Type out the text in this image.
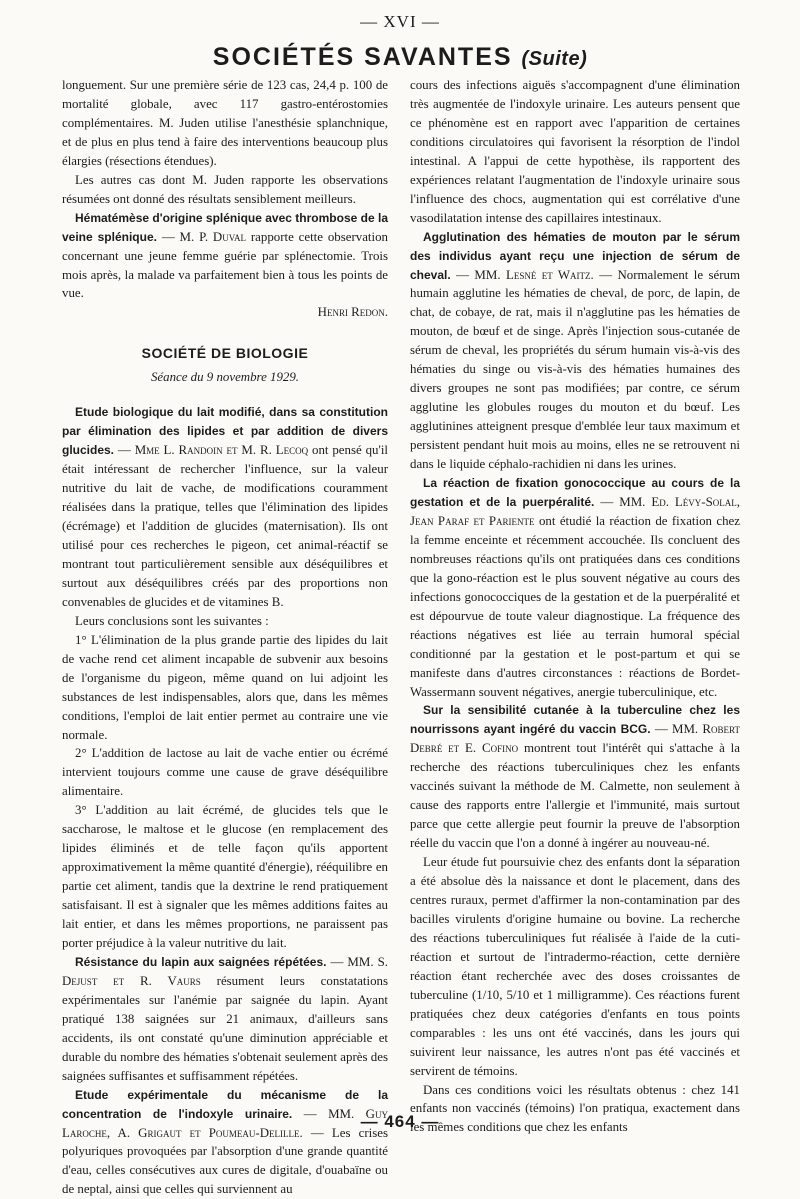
— XVI —
SOCIÉTÉS SAVANTES (Suite)

longuement. Sur une première série de 123 cas, 24,4 p. 100 de mortalité globale, avec 117 gastro-entérostomies complémentaires. M. Juden utilise l'anesthésie splanchnique, et de plus en plus tend à faire des interventions beaucoup plus élargies (résections étendues).

Les autres cas dont M. Juden rapporte les observations résumées ont donné des résultats sensiblement meilleurs.

Hématémèse d'origine splénique avec thrombose de la veine splénique. — M. P. Duval rapporte cette observation concernant une jeune femme guérie par splénectomie. Trois mois après, la malade va parfaitement bien à tous les points de vue.

Henri Redon.

SOCIÉTÉ DE BIOLOGIE
Séance du 9 novembre 1929.

Etude biologique du lait modifié, dans sa constitution par élimination des lipides et par addition de divers glucides. — Mme L. Randoin et M. R. Lecoq ont pensé qu'il était intéressant de rechercher l'influence, sur la valeur nutritive du lait de vache, de modifications couramment réalisées dans la pratique, telles que l'élimination des lipides (écrémage) et l'addition de glucides (maternisation). Ils ont utilisé pour ces recherches le pigeon, cet animal-réactif se montrant tout particulièrement sensible aux déséquilibres et surtout aux déséquilibres créés par des proportions non convenables de glucides et de vitamines B.

Leurs conclusions sont les suivantes :

1° L'élimination de la plus grande partie des lipides du lait de vache rend cet aliment incapable de subvenir aux besoins de l'organisme du pigeon, même quand on lui adjoint les substances de lest indispensables, alors que, dans les mêmes conditions, l'emploi de lait entier permet au contraire une vie normale.

2° L'addition de lactose au lait de vache entier ou écrémé intervient toujours comme une cause de grave déséquilibre alimentaire.

3° L'addition au lait écrémé, de glucides tels que le saccharose, le maltose et le glucose (en remplacement des lipides éliminés et de telle façon qu'ils apportent approximativement la même quantité d'énergie), rééquilibre en partie cet aliment, tandis que la dextrine le rend pratiquement satisfaisant. Il est à signaler que les mêmes additions faites au lait entier, et dans les mêmes proportions, ne paraissent pas porter préjudice à la valeur nutritive du lait.

Résistance du lapin aux saignées répétées. — MM. S. Dejust et R. Vaurs résument leurs constatations expérimentales sur l'anémie par saignée du lapin. Ayant pratiqué 138 saignées sur 21 animaux, d'ailleurs sans accidents, ils ont constaté qu'une diminution appréciable et durable du nombre des hématies s'obtenait seulement après des saignées suffisantes et suffisamment répétées.

Etude expérimentale du mécanisme de la concentration de l'indoxyle urinaire. — MM. Guy Laroche, A. Grigaut et Poumeau-Delille. — Les crises polyuriques provoquées par l'absorption d'une grande quantité d'eau, celles consécutives aux cures de digitale, d'ouabaïne ou de neptal, ainsi que celles qui surviennent au

cours des infections aiguës s'accompagnent d'une élimination très augmentée de l'indoxyle urinaire. Les auteurs pensent que ce phénomène est en rapport avec l'apparition de certaines conditions circulatoires qui favorisent la résorption de l'indol intestinal. A l'appui de cette hypothèse, ils rapportent des expériences relatant l'augmentation de l'indoxyle urinaire sous l'influence des chocs, augmentation qui est corrélative d'une vasodilatation intense des capillaires intestinaux.

Agglutination des hématies de mouton par le sérum des individus ayant reçu une injection de sérum de cheval. — MM. Lesné et Waitz. — Normalement le sérum humain agglutine les hématies de cheval, de porc, de lapin, de chat, de cobaye, de rat, mais il n'agglutine pas les hématies de mouton, de bœuf et de singe. Après l'injection sous-cutanée de sérum de cheval, les propriétés du sérum humain vis-à-vis des hématies du singe ou vis-à-vis des hématies humaines des divers groupes ne sont pas modifiées; par contre, ce sérum agglutine les globules rouges du mouton et du bœuf. Les agglutinines atteignent presque d'emblée leur taux maximum et persistent pendant huit mois au moins, elles ne se retrouvent ni dans le liquide céphalo-rachidien ni dans les urines.

La réaction de fixation gonococcique au cours de la gestation et de la puerpéralité. — MM. Ed. Lévy-Solal, Jean Paraf et Pariente ont étudié la réaction de fixation chez la femme enceinte et récemment accouchée. Ils concluent des nombreuses réactions qu'ils ont pratiquées dans ces conditions que la gono-réaction est le plus souvent négative au cours des infections gonococciques de la gestation et de la puerpéralité et est dépourvue de toute valeur diagnostique. La fréquence des réactions négatives est liée au terrain humoral spécial conditionné par la gestation et le post-partum et qui se manifeste dans d'autres circonstances : réactions de Bordet-Wassermann souvent négatives, anergie tuberculinique, etc.

Sur la sensibilité cutanée à la tuberculine chez les nourrissons ayant ingéré du vaccin BCG. — MM. Robert Debré et E. Cofino montrent tout l'intérêt qui s'attache à la recherche des réactions tuberculiniques chez les enfants vaccinés suivant la méthode de M. Calmette, non seulement à cause des rapports entre l'allergie et l'immunité, mais surtout parce que cette allergie peut fournir la preuve de l'absorption réelle du vaccin que l'on a donné à ingérer au nouveau-né.

Leur étude fut poursuivie chez des enfants dont la séparation a été absolue dès la naissance et dont le placement, dans des centres ruraux, permet d'affirmer la non-contamination par des bacilles virulents d'origine humaine ou bovine. La recherche des réactions tuberculiniques fut réalisée à l'aide de la cuti-réaction et surtout de l'intradermo-réaction, cette dernière réaction étant recherchée avec des doses croissantes de tuberculine (1/10, 5/10 et 1 milligramme). Ces réactions furent pratiquées chez deux catégories d'enfants en tous points comparables : les uns ont été vaccinés, dans les jours qui suivirent leur naissance, les autres n'ont pas été vaccinés et servirent de témoins.

Dans ces conditions voici les résultats obtenus : chez 141 enfants non vaccinés (témoins) l'on pratiqua, exactement dans les mêmes conditions que chez les enfants

— 464 —
